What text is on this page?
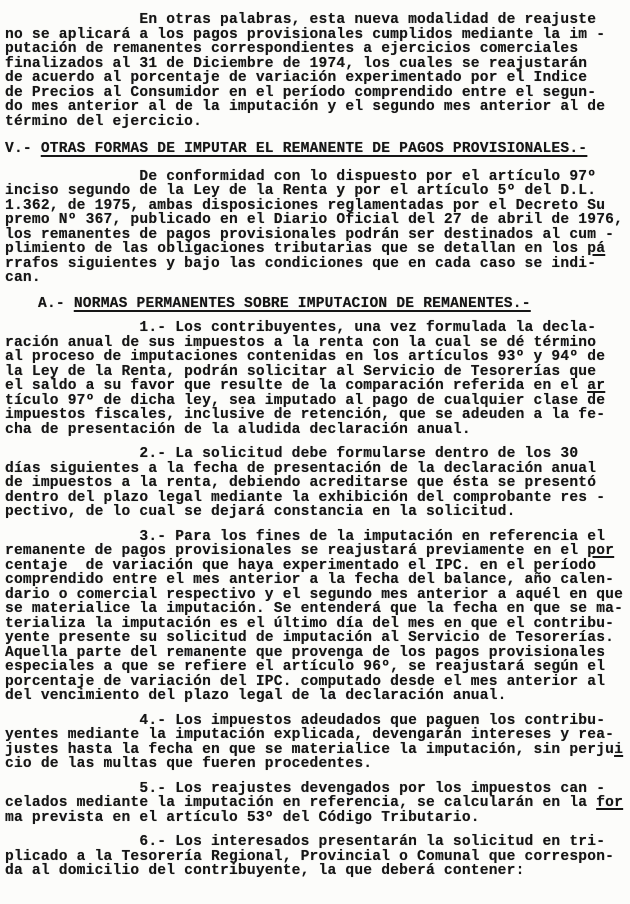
En otras palabras, esta nueva modalidad de reajuste
no se aplicará a los pagos provisionales cumplidos mediante la im -
putación de remanentes correspondientes a ejercicios comerciales
finalizados al 31 de Diciembre de 1974, los cuales se reajustarán
de acuerdo al porcentaje de variación experimentado por el Indice
de Precios al Consumidor en el período comprendido entre el segun-
do mes anterior al de la imputación y el segundo mes anterior al de
término del ejercicio.
V.- OTRAS FORMAS DE IMPUTAR EL REMANENTE DE PAGOS PROVISIONALES.-
De conformidad con lo dispuesto por el artículo 97º
inciso segundo de la Ley de la Renta y por el artículo 5º del D.L.
1.362, de 1975, ambas disposiciones reglamentadas por el Decreto Su
premo Nº 367, publicado en el Diario Oficial del 27 de abril de 1976,
los remanentes de pagos provisionales podrán ser destinados al cum -
plimiento de las obligaciones tributarias que se detallan en los pá
rrafos siguientes y bajo las condiciones que en cada caso se indi-
can.
A.- NORMAS PERMANENTES SOBRE IMPUTACION DE REMANENTES.-
1.- Los contribuyentes, una vez formulada la decla-
ración anual de sus impuestos a la renta con la cual se dé término
al proceso de imputaciones contenidas en los artículos 93º y 94º de
la Ley de la Renta, podrán solicitar al Servicio de Tesorerías que
el saldo a su favor que resulte de la comparación referida en el ar
tículo 97º de dicha ley, sea imputado al pago de cualquier clase de
impuestos fiscales, inclusive de retención, que se adeuden a la fe-
cha de presentación de la aludida declaración anual.
2.- La solicitud debe formularse dentro de los 30
días siguientes a la fecha de presentación de la declaración anual
de impuestos a la renta, debiendo acreditarse que ésta se presentó
dentro del plazo legal mediante la exhibición del comprobante res -
pectivo, de lo cual se dejará constancia en la solicitud.
3.- Para los fines de la imputación en referencia el
remanente de pagos provisionales se reajustará previamente en el por
centaje  de variación que haya experimentado el IPC. en el período
comprendido entre el mes anterior a la fecha del balance, año calen-
dario o comercial respectivo y el segundo mes anterior a aquél en que
se materialice la imputación. Se entenderá que la fecha en que se ma-
terializa la imputación es el último día del mes en que el contribu-
yente presente su solicitud de imputación al Servicio de Tesorerías.
Aquella parte del remanente que provenga de los pagos provisionales
especiales a que se refiere el artículo 96º, se reajustará según el
porcentaje de variación del IPC. computado desde el mes anterior al
del vencimiento del plazo legal de la declaración anual.
4.- Los impuestos adeudados que paguen los contribu-
yentes mediante la imputación explicada, devengarán intereses y rea-
justes hasta la fecha en que se materialice la imputación, sin perjui
cio de las multas que fueren procedentes.
5.- Los reajustes devengados por los impuestos can -
celados mediante la imputación en referencia, se calcularán en la for
ma prevista en el artículo 53º del Código Tributario.
6.- Los interesados presentarán la solicitud en tri-
plicado a la Tesorería Regional, Provincial o Comunal que correspon-
da al domicilio del contribuyente, la que deberá contener:
